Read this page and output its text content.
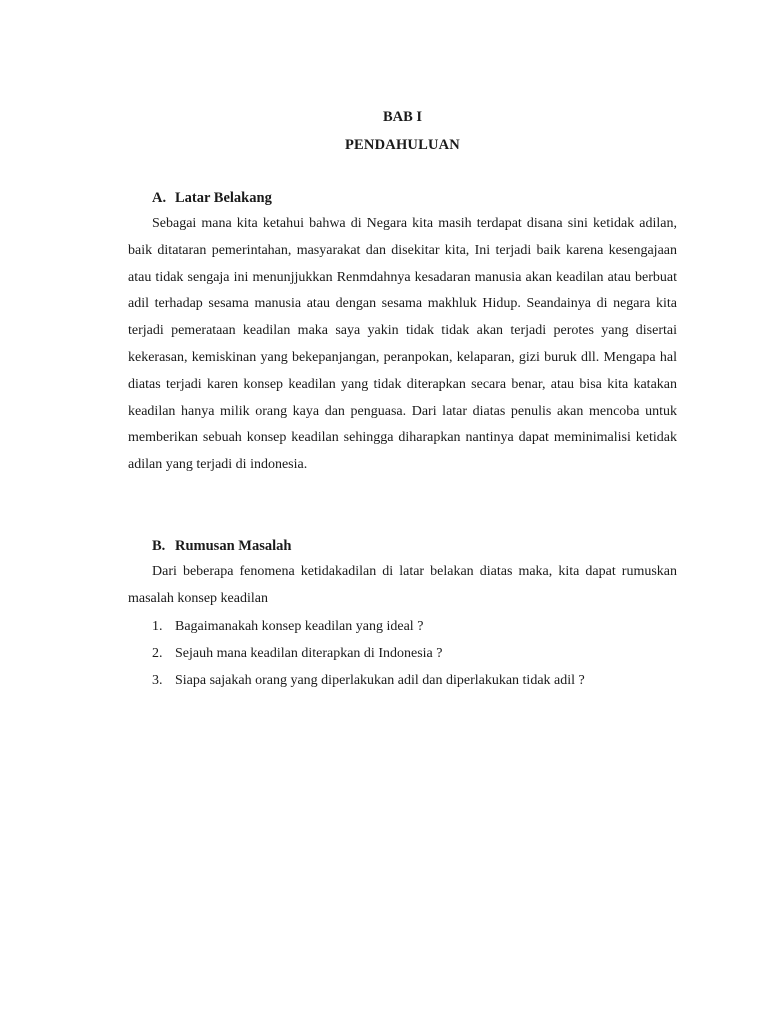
BAB I
PENDAHULUAN
A. Latar Belakang

Sebagai mana kita ketahui bahwa di Negara kita masih terdapat disana sini ketidak adilan, baik ditataran pemerintahan, masyarakat dan disekitar kita, Ini terjadi baik karena kesengajaan atau tidak sengaja ini menunjjukkan Renmdahnya kesadaran manusia akan keadilan atau berbuat adil terhadap sesama manusia atau dengan sesama makhluk Hidup. Seandainya di negara kita terjadi pemerataan keadilan maka saya yakin tidak tidak akan terjadi perotes yang disertai kekerasan, kemiskinan yang bekepanjangan, peranpokan, kelaparan, gizi buruk dll. Mengapa hal diatas terjadi karen konsep keadilan yang tidak diterapkan secara benar, atau bisa kita katakan keadilan hanya milik orang kaya dan penguasa. Dari latar diatas penulis akan mencoba untuk memberikan sebuah konsep keadilan sehingga diharapkan nantinya dapat meminimalisi ketidak adilan yang terjadi di indonesia.

B. Rumusan Masalah

Dari beberapa fenomena ketidakadilan di latar belakan diatas maka, kita dapat rumuskan masalah konsep keadilan

1. Bagaimanakah konsep keadilan yang ideal ?
2. Sejauh mana keadilan diterapkan di Indonesia ?
3. Siapa sajakah orang yang diperlakukan adil dan diperlakukan tidak adil ?
